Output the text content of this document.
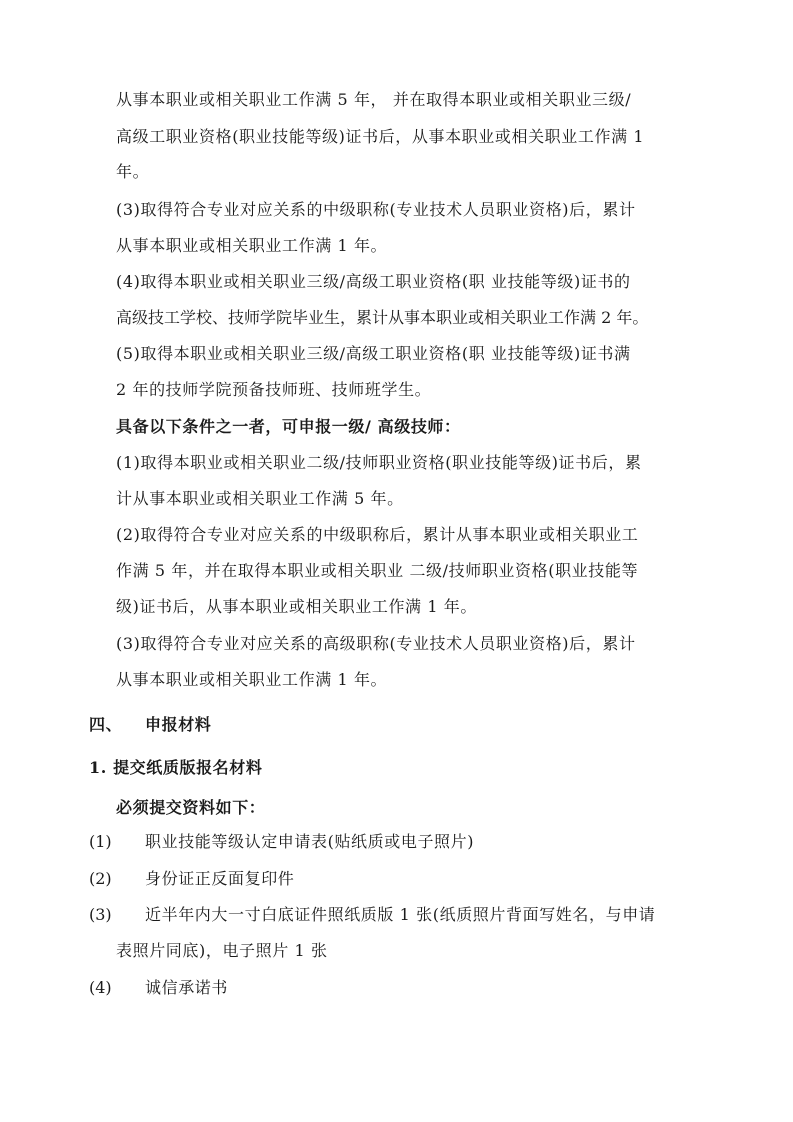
从事本职业或相关职业工作满 5 年， 并在取得本职业或相关职业三级/
高级工职业资格(职业技能等级)证书后，从事本职业或相关职业工作满 1
年。
(3)取得符合专业对应关系的中级职称(专业技术人员职业资格)后，累计
从事本职业或相关职业工作满 1 年。
(4)取得本职业或相关职业三级/高级工职业资格(职 业技能等级)证书的
高级技工学校、技师学院毕业生，累计从事本职业或相关职业工作满 2 年。
(5)取得本职业或相关职业三级/高级工职业资格(职 业技能等级)证书满
2 年的技师学院预备技师班、技师班学生。
具备以下条件之一者，可申报一级/ 高级技师：
(1)取得本职业或相关职业二级/技师职业资格(职业技能等级)证书后，累
计从事本职业或相关职业工作满 5 年。
(2)取得符合专业对应关系的中级职称后，累计从事本职业或相关职业工
作满 5 年，并在取得本职业或相关职业 二级/技师职业资格(职业技能等
级)证书后，从事本职业或相关职业工作满 1 年。
(3)取得符合专业对应关系的高级职称(专业技术人员职业资格)后，累计
从事本职业或相关职业工作满 1 年。
四、 申报材料
1. 提交纸质版报名材料
必须提交资料如下：
(1) 职业技能等级认定申请表(贴纸质或电子照片)
(2) 身份证正反面复印件
(3) 近半年内大一寸白底证件照纸质版 1 张(纸质照片背面写姓名，与申请
表照片同底)，电子照片 1 张
(4) 诚信承诺书
